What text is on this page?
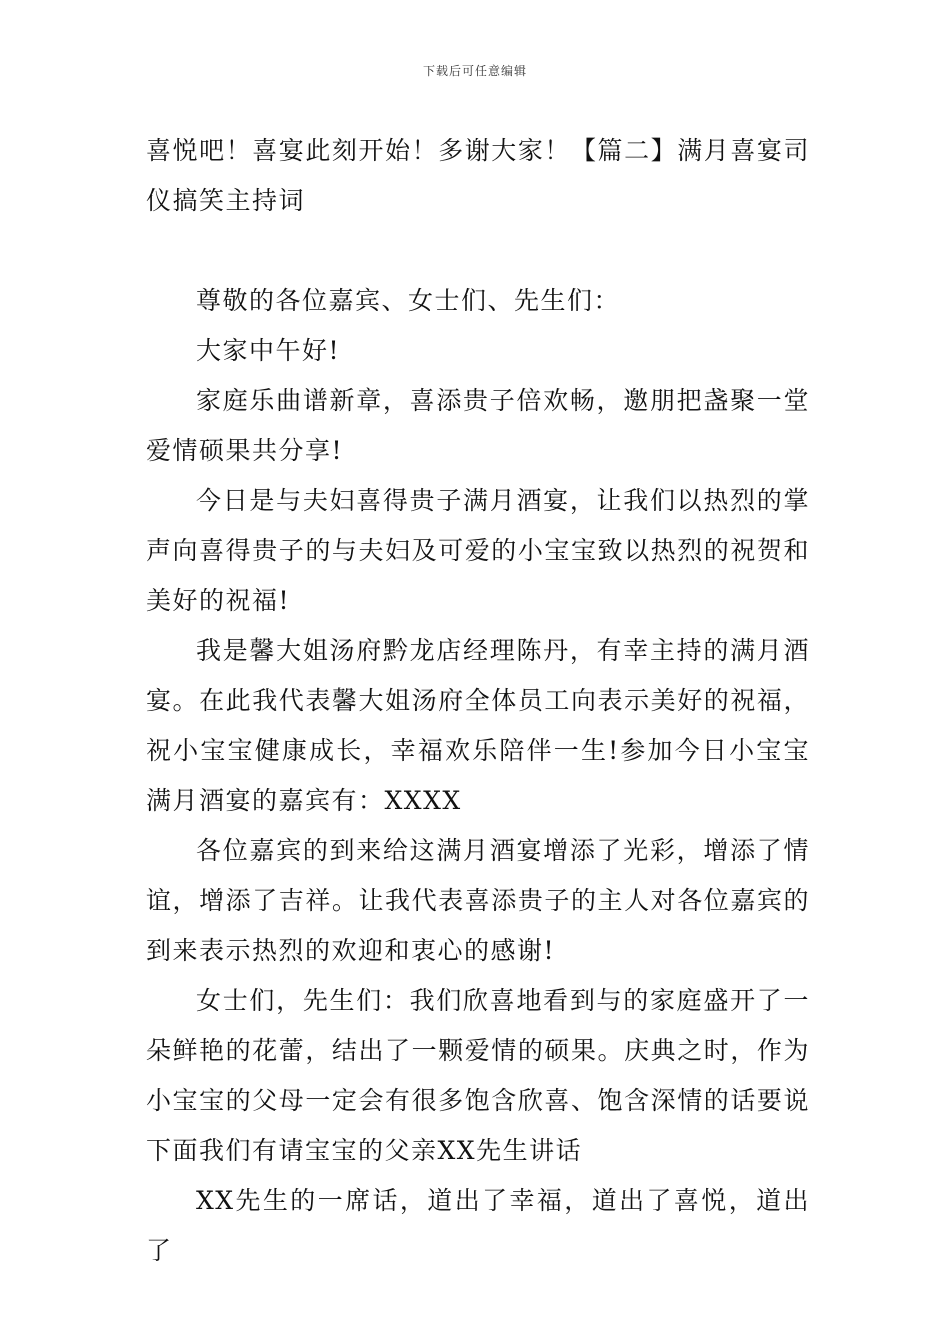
下载后可任意编辑

喜悦吧！喜宴此刻开始！多谢大家！【篇二】满月喜宴司仪搞笑主持词

尊敬的各位嘉宾、女士们、先生们：

大家中午好!

家庭乐曲谱新章，喜添贵子倍欢畅，邀朋把盏聚一堂爱情硕果共分享!

今日是与夫妇喜得贵子满月酒宴，让我们以热烈的掌声向喜得贵子的与夫妇及可爱的小宝宝致以热烈的祝贺和美好的祝福!

我是馨大姐汤府黔龙店经理陈丹，有幸主持的满月酒宴。在此我代表馨大姐汤府全体员工向表示美好的祝福，祝小宝宝健康成长，幸福欢乐陪伴一生!参加今日小宝宝满月酒宴的嘉宾有：XXXX

各位嘉宾的到来给这满月酒宴增添了光彩，增添了情谊，增添了吉祥。让我代表喜添贵子的主人对各位嘉宾的到来表示热烈的欢迎和衷心的感谢!

女士们，先生们：我们欣喜地看到与的家庭盛开了一朵鲜艳的花蕾，结出了一颗爱情的硕果。庆典之时，作为小宝宝的父母一定会有很多饱含欣喜、饱含深情的话要说下面我们有请宝宝的父亲XX先生讲话

XX先生的一席话，道出了幸福，道出了喜悦，道出了
